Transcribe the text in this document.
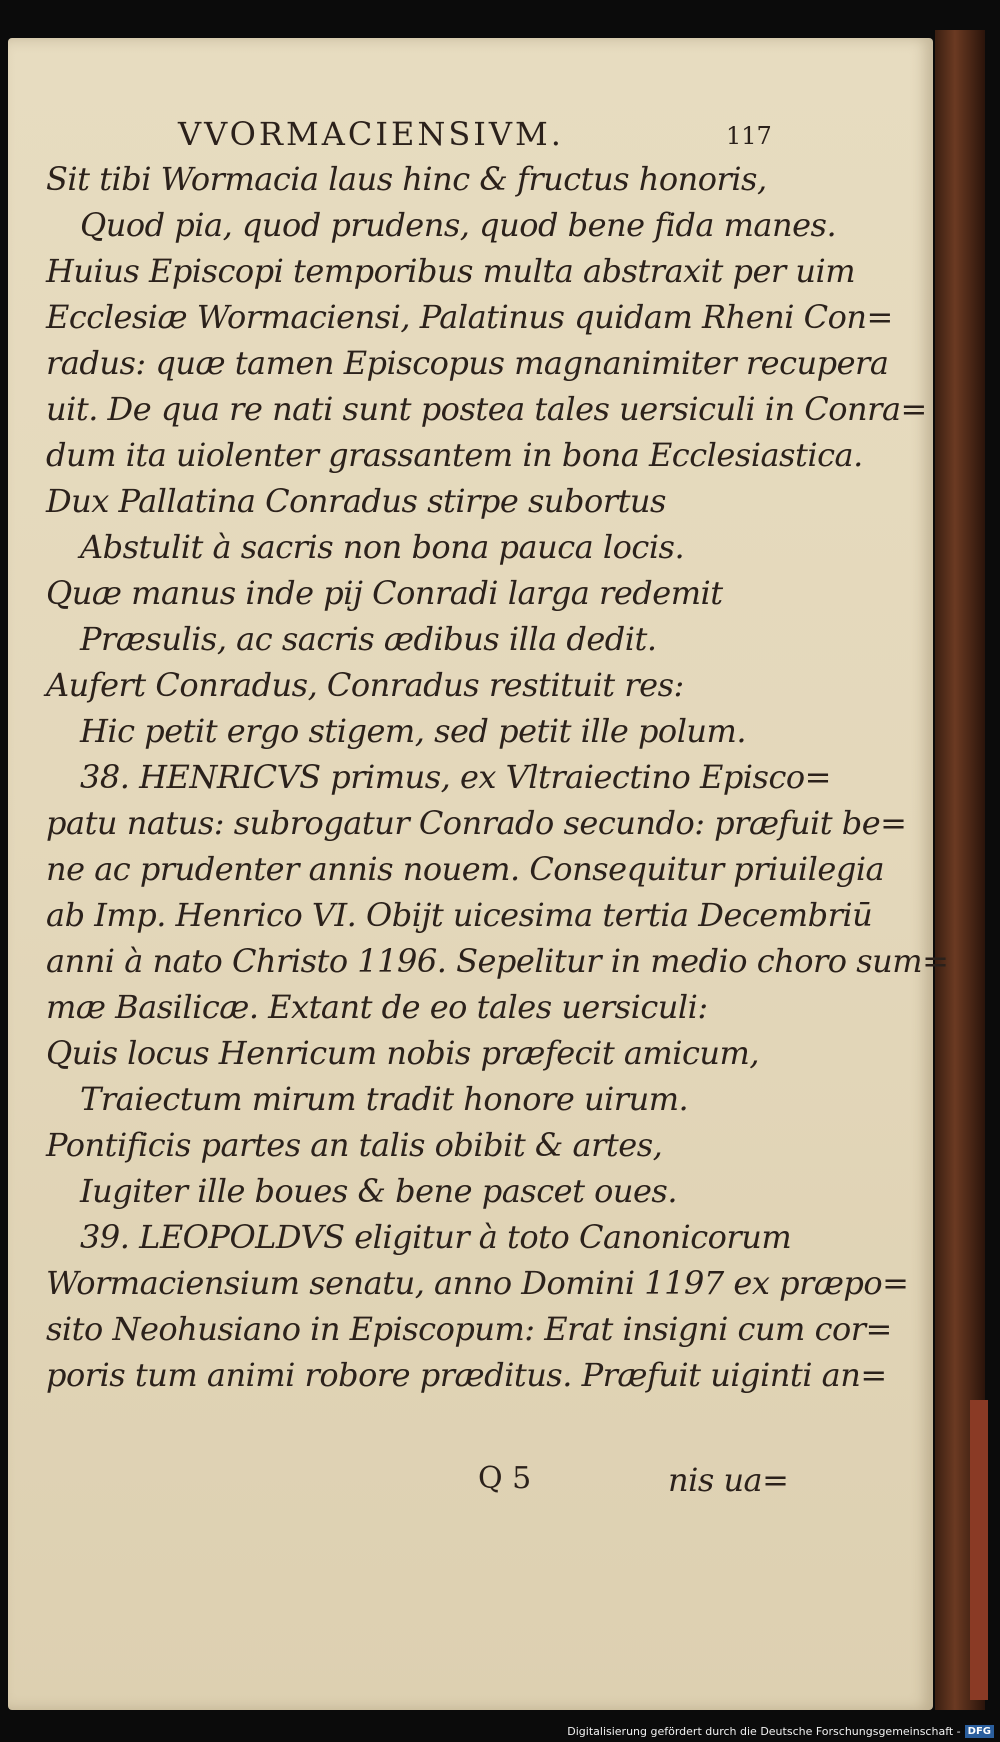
VVORMACIENSIVM.	117
Sit tibi Wormacia laus hinc & fructus honoris,
Quod pia, quod prudens, quod bene fida manes.
Huius Episcopi temporibus multa abstraxit per uim
Ecclesiæ Wormaciensi, Palatinus quidam Rheni Con=
radus: quæ tamen Episcopus magnanimiter recupera
uit. De qua re nati sunt postea tales uersiculi in Conra=
dum ita uiolenter grassantem in bona Ecclesiastica.
Dux Pallatina Conradus stirpe subortus
Abstulit à sacris non bona pauca locis.
Quæ manus inde pij Conradi larga redemit
Præsulis, ac sacris ædibus illa dedit.
Aufert Conradus, Conradus restituit res:
Hic petit ergo stigem, sed petit ille polum.
38. HENRICVS primus, ex Vltraiectino Episco=
patu natus: subrogatur Conrado secundo: præfuit be=
ne ac prudenter annis nouem. Consequitur priuilegia
ab Imp. Henrico VI. Obijt uicesima tertia Decembriū
anni à nato Christo 1196. Sepelitur in medio choro sum=
mæ Basilicæ. Extant de eo tales uersiculi:
Quis locus Henricum nobis præfecit amicum,
Traiectum mirum tradit honore uirum.
Pontificis partes an talis obibit & artes,
Iugiter ille boues & bene pascet oues.
39. LEOPOLDVS eligitur à toto Canonicorum
Wormaciensium senatu, anno Domini 1197 ex præpo=
sito Neohusiano in Episcopum: Erat insigni cum cor=
poris tum animi robore præditus. Præfuit uiginti an=
Q 5	nis ua=
Digitalisierung gefördert durch die Deutsche Forschungsgemeinschaft - DFG
